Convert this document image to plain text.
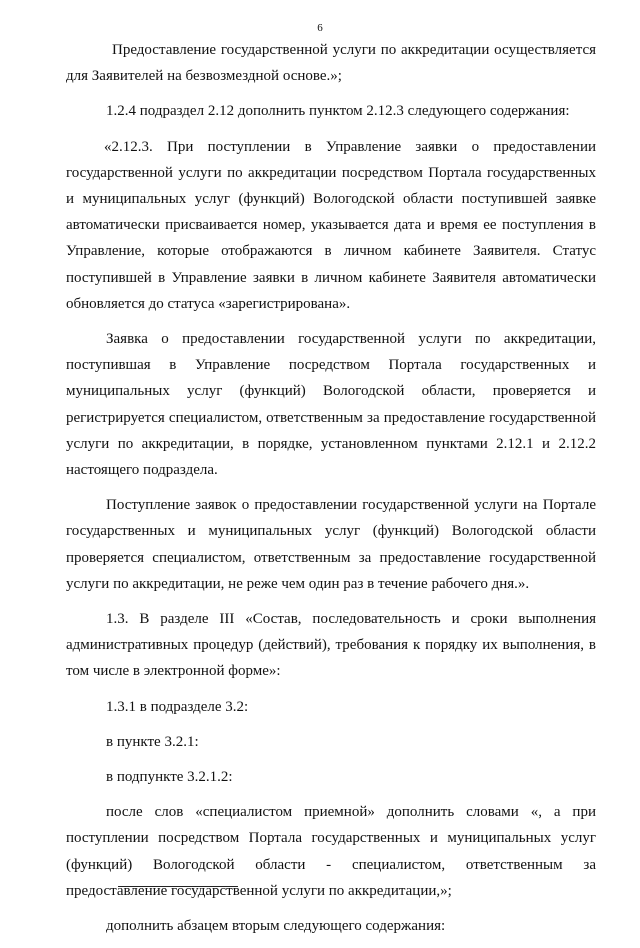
6

Предоставление государственной услуги по аккредитации осуществляется для Заявителей на безвозмездной основе.»;

1.2.4 подраздел 2.12 дополнить пунктом 2.12.3 следующего содержания:

«2.12.3. При поступлении в Управление заявки о предоставлении государственной услуги по аккредитации посредством Портала государственных и муниципальных услуг (функций) Вологодской области поступившей заявке автоматически присваивается номер, указывается дата и время ее поступления в Управление, которые отображаются в личном кабинете Заявителя. Статус поступившей в Управление заявки в личном кабинете Заявителя автоматически обновляется до статуса «зарегистрирована».

Заявка о предоставлении государственной услуги по аккредитации, поступившая в Управление посредством Портала государственных и муниципальных услуг (функций) Вологодской области, проверяется и регистрируется специалистом, ответственным за предоставление государственной услуги по аккредитации, в порядке, установленном пунктами 2.12.1 и 2.12.2 настоящего подраздела.

Поступление заявок о предоставлении государственной услуги на Портале государственных и муниципальных услуг (функций) Вологодской области проверяется специалистом, ответственным за предоставление государственной услуги по аккредитации, не реже чем один раз в течение рабочего дня.».

1.3. В разделе III «Состав, последовательность и сроки выполнения административных процедур (действий), требования к порядку их выполнения, в том числе в электронной форме»:

1.3.1 в подразделе 3.2:

в пункте 3.2.1:

в подпункте 3.2.1.2:

после слов «специалистом приемной» дополнить словами «, а при поступлении посредством Портала государственных и муниципальных услуг (функций) Вологодской области - специалистом, ответственным за предоставление государственной услуги по аккредитации,»;

дополнить абзацем вторым следующего содержания:
